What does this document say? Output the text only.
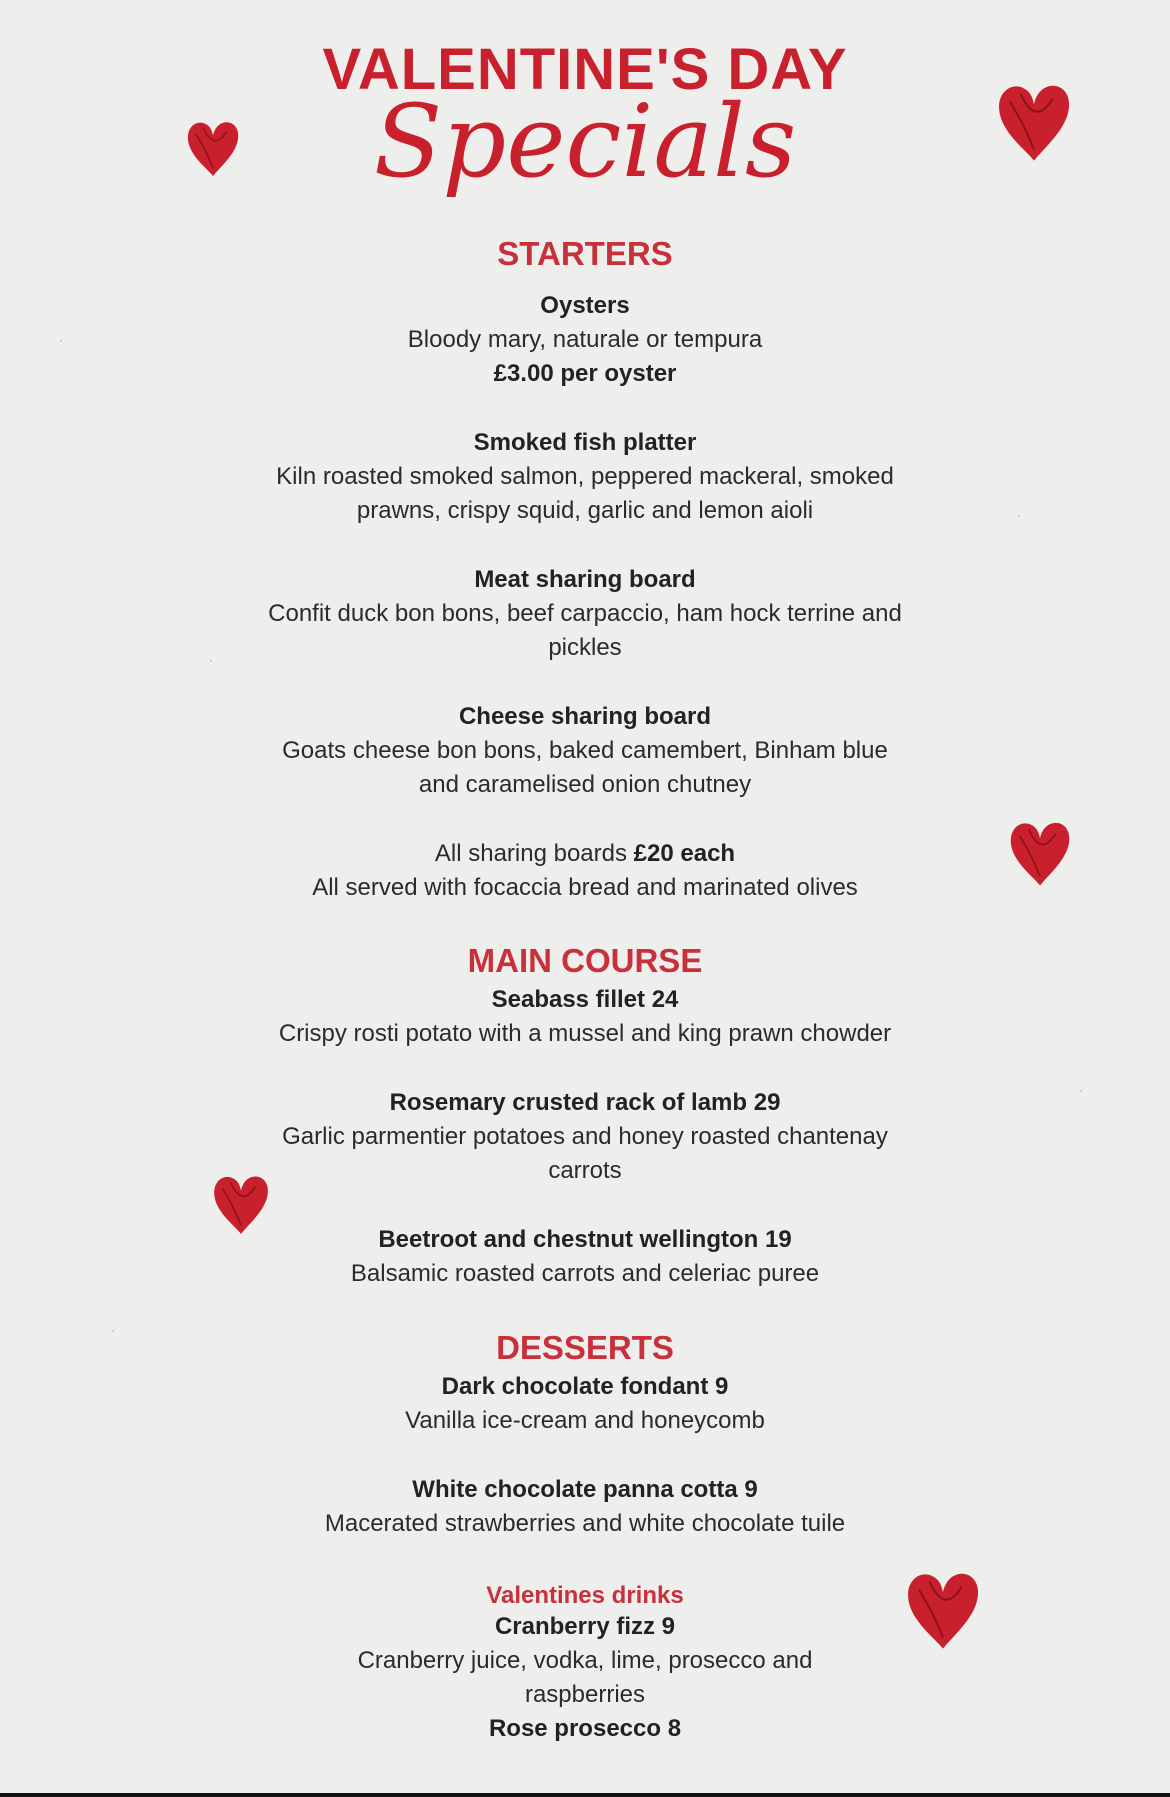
VALENTINE'S DAY
Specials
STARTERS
Oysters
Bloody mary, naturale or tempura
£3.00 per oyster
Smoked fish platter
Kiln roasted smoked salmon, peppered mackeral, smoked
prawns, crispy squid, garlic and lemon aioli
Meat sharing board
Confit duck bon bons, beef carpaccio, ham hock terrine and
pickles
Cheese sharing board
Goats cheese bon bons, baked camembert, Binham blue
and caramelised onion chutney
All sharing boards £20 each
All served with focaccia bread and marinated olives
MAIN COURSE
Seabass fillet 24
Crispy rosti potato with a mussel and king prawn chowder
Rosemary crusted rack of lamb 29
Garlic parmentier potatoes and honey roasted chantenay
carrots
Beetroot and chestnut wellington 19
Balsamic roasted carrots and celeriac puree
DESSERTS
Dark chocolate fondant 9
Vanilla ice-cream and honeycomb
White chocolate panna cotta 9
Macerated strawberries and white chocolate tuile
Valentines drinks
Cranberry fizz 9
Cranberry juice, vodka, lime, prosecco and
raspberries
Rose prosecco 8
